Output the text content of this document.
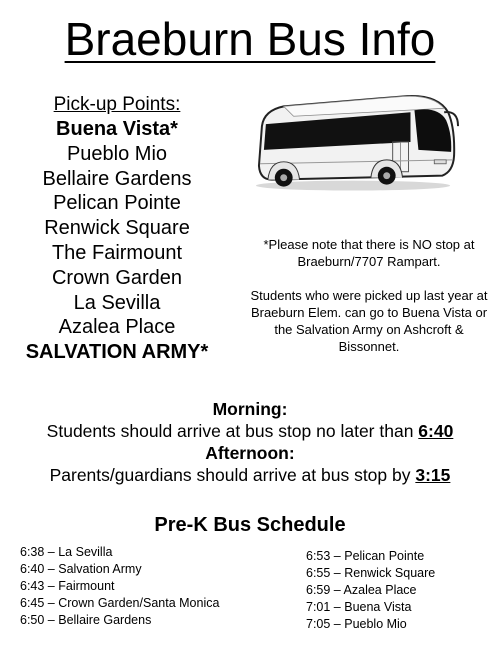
Braeburn Bus Info
Pick-up Points:
Buena Vista*
Pueblo Mio
Bellaire Gardens
Pelican Pointe
Renwick Square
The Fairmount
Crown Garden
La Sevilla
Azalea Place
SALVATION ARMY*

*Please note that there is NO stop at Braeburn/7707 Rampart.

Students who were picked up last year at Braeburn Elem. can go to Buena Vista or the Salvation Army on Ashcroft & Bissonnet.

Morning:
Students should arrive at bus stop no later than 6:40
Afternoon:
Parents/guardians should arrive at bus stop by 3:15
Pre-K Bus Schedule
6:38 – La Sevilla
6:40 – Salvation Army
6:43 – Fairmount
6:45 – Crown Garden/Santa Monica
6:50 – Bellaire Gardens
6:53 – Pelican Pointe
6:55 – Renwick Square
6:59 – Azalea Place
7:01 – Buena Vista
7:05 – Pueblo Mio
